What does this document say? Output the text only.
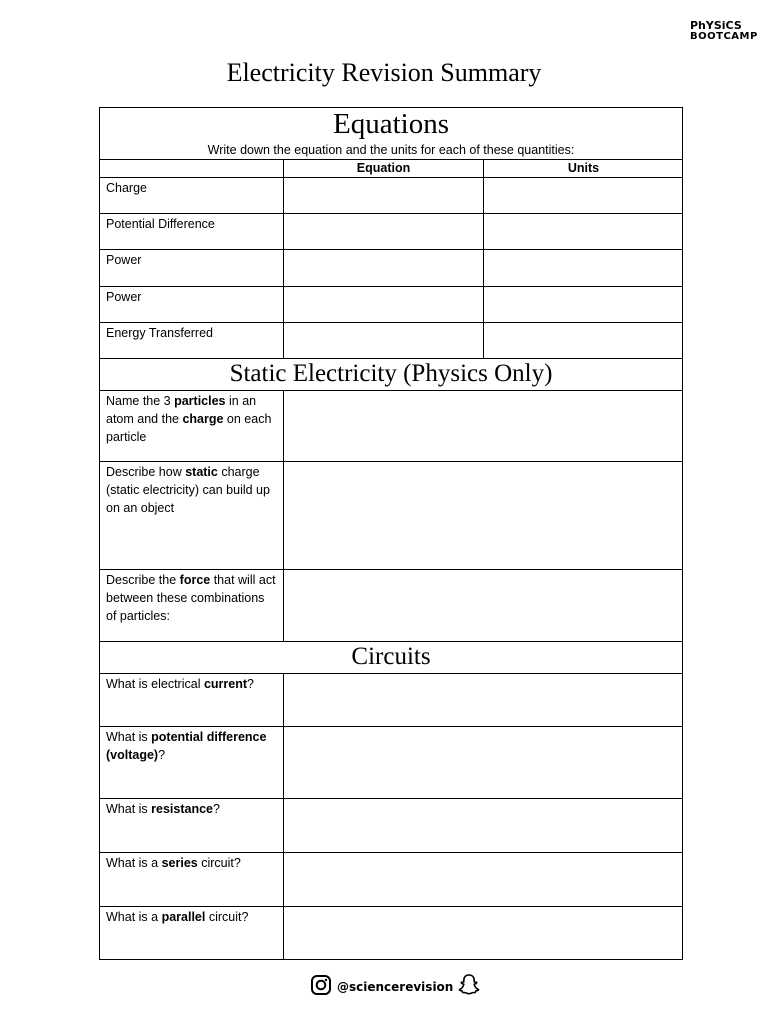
PhYSiCS
BOOTCAMP
Electricity Revision Summary
Equations
Write down the equation and the units for each of these quantities:
Equation	Units
Charge
Potential Difference
Power
Power
Energy Transferred
Static Electricity (Physics Only)
Name the 3 particles in an atom and the charge on each particle
Describe how static charge (static electricity) can build up on an object
Describe the force that will act between these combinations of particles:
Circuits
What is electrical current?
What is potential difference (voltage)?
What is resistance?
What is a series circuit?
What is a parallel circuit?
@sciencerevision
